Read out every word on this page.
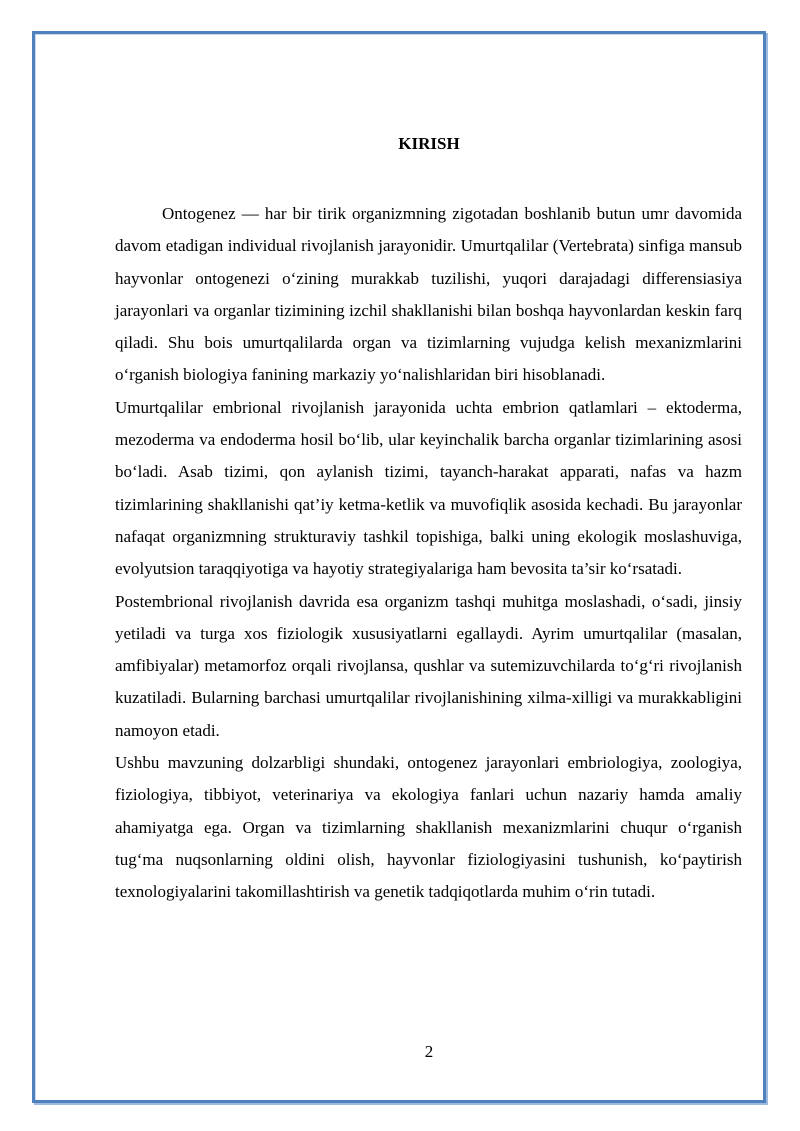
KIRISH

Ontogenez — har bir tirik organizmning zigotadan boshlanib butun umr davomida davom etadigan individual rivojlanish jarayonidir. Umurtqalilar (Vertebrata) sinfiga mansub hayvonlar ontogenezi o‘zining murakkab tuzilishi, yuqori darajadagi differensiasiya jarayonlari va organlar tizimining izchil shakllanishi bilan boshqa hayvonlardan keskin farq qiladi. Shu bois umurtqalilarda organ va tizimlarning vujudga kelish mexanizmlarini o‘rganish biologiya fanining markaziy yo‘nalishlaridan biri hisoblanadi.

Umurtqalilar embrional rivojlanish jarayonida uchta embrion qatlamlari – ektoderma, mezoderma va endoderma hosil bo‘lib, ular keyinchalik barcha organlar tizimlarining asosi bo‘ladi. Asab tizimi, qon aylanish tizimi, tayanch-harakat apparati, nafas va hazm tizimlarining shakllanishi qat’iy ketma-ketlik va muvofiqlik asosida kechadi. Bu jarayonlar nafaqat organizmning strukturaviy tashkil topishiga, balki uning ekologik moslashuviga, evolyutsion taraqqiyotiga va hayotiy strategiyalariga ham bevosita ta’sir ko‘rsatadi.

Postembrional rivojlanish davrida esa organizm tashqi muhitga moslashadi, o‘sadi, jinsiy yetiladi va turga xos fiziologik xususiyatlarni egallaydi. Ayrim umurtqalilar (masalan, amfibiyalar) metamorfoz orqali rivojlansa, qushlar va sutemizuvchilarda to‘g‘ri rivojlanish kuzatiladi. Bularning barchasi umurtqalilar rivojlanishining xilma-xilligi va murakkabligini namoyon etadi.

Ushbu mavzuning dolzarbligi shundaki, ontogenez jarayonlari embriologiya, zoologiya, fiziologiya, tibbiyot, veterinariya va ekologiya fanlari uchun nazariy hamda amaliy ahamiyatga ega. Organ va tizimlarning shakllanish mexanizmlarini chuqur o‘rganish tug‘ma nuqsonlarning oldini olish, hayvonlar fiziologiyasini tushunish, ko‘paytirish texnologiyalarini takomillashtirish va genetik tadqiqotlarda muhim o‘rin tutadi.

2
